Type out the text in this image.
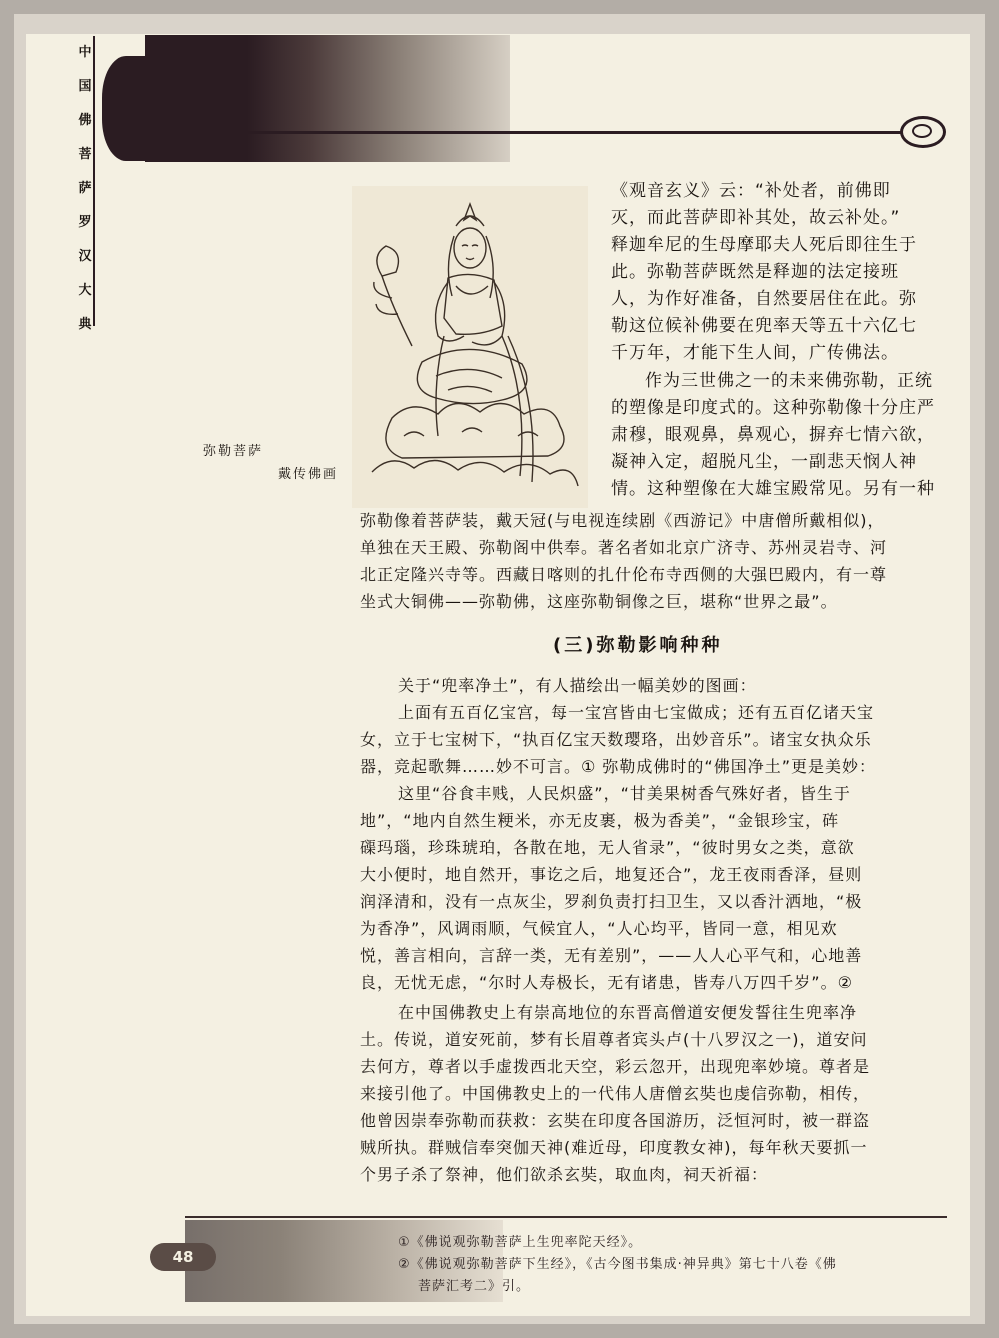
中
国
佛
菩
萨
罗
汉
大
典
弥勒菩萨
戴传佛画
《观音玄义》云：“补处者，前佛即
灭，而此菩萨即补其处，故云补处。”
释迦牟尼的生母摩耶夫人死后即往生于
此。弥勒菩萨既然是释迦的法定接班
人，为作好准备，自然要居住在此。弥
勒这位候补佛要在兜率天等五十六亿七
千万年，才能下生人间，广传佛法。
作为三世佛之一的未来佛弥勒，正统
的塑像是印度式的。这种弥勒像十分庄严
肃穆，眼观鼻，鼻观心，摒弃七情六欲，
凝神入定，超脱凡尘，一副悲天悯人神
情。这种塑像在大雄宝殿常见。另有一种
弥勒像着菩萨装，戴天冠(与电视连续剧《西游记》中唐僧所戴相似)，
单独在天王殿、弥勒阁中供奉。著名者如北京广济寺、苏州灵岩寺、河
北正定隆兴寺等。西藏日喀则的扎什伦布寺西侧的大强巴殿内，有一尊
坐式大铜佛——弥勒佛，这座弥勒铜像之巨，堪称“世界之最”。
(三)弥勒影响种种
关于“兜率净土”，有人描绘出一幅美妙的图画：
上面有五百亿宝宫，每一宝宫皆由七宝做成；还有五百亿诸天宝
女，立于七宝树下，“执百亿宝天数璎珞，出妙音乐”。诸宝女执众乐
器，竞起歌舞……妙不可言。① 弥勒成佛时的“佛国净土”更是美妙：
这里“谷食丰贱，人民炽盛”，“甘美果树香气殊好者，皆生于
地”，“地内自然生粳米，亦无皮裹，极为香美”，“金银珍宝，砗
磲玛瑙，珍珠琥珀，各散在地，无人省录”，“彼时男女之类，意欲
大小便时，地自然开，事讫之后，地复还合”，龙王夜雨香泽，昼则
润泽清和，没有一点灰尘，罗刹负责打扫卫生，又以香汁洒地，“极
为香净”，风调雨顺，气候宜人，“人心均平，皆同一意，相见欢
悦，善言相向，言辞一类，无有差别”，——人人心平气和，心地善
良，无忧无虑，“尔时人寿极长，无有诸患，皆寿八万四千岁”。②
在中国佛教史上有崇高地位的东晋高僧道安便发誓往生兜率净
土。传说，道安死前，梦有长眉尊者宾头卢(十八罗汉之一)，道安问
去何方，尊者以手虚拨西北天空，彩云忽开，出现兜率妙境。尊者是
来接引他了。中国佛教史上的一代伟人唐僧玄奘也虔信弥勒，相传，
他曾因崇奉弥勒而获救：玄奘在印度各国游历，泛恒河时，被一群盗
贼所执。群贼信奉突伽天神(难近母，印度教女神)，每年秋天要抓一
个男子杀了祭神，他们欲杀玄奘，取血肉，祠天祈福：
48
①《佛说观弥勒菩萨上生兜率陀天经》。
②《佛说观弥勒菩萨下生经》，《古今图书集成·神异典》第七十八卷《佛
菩萨汇考二》引。
